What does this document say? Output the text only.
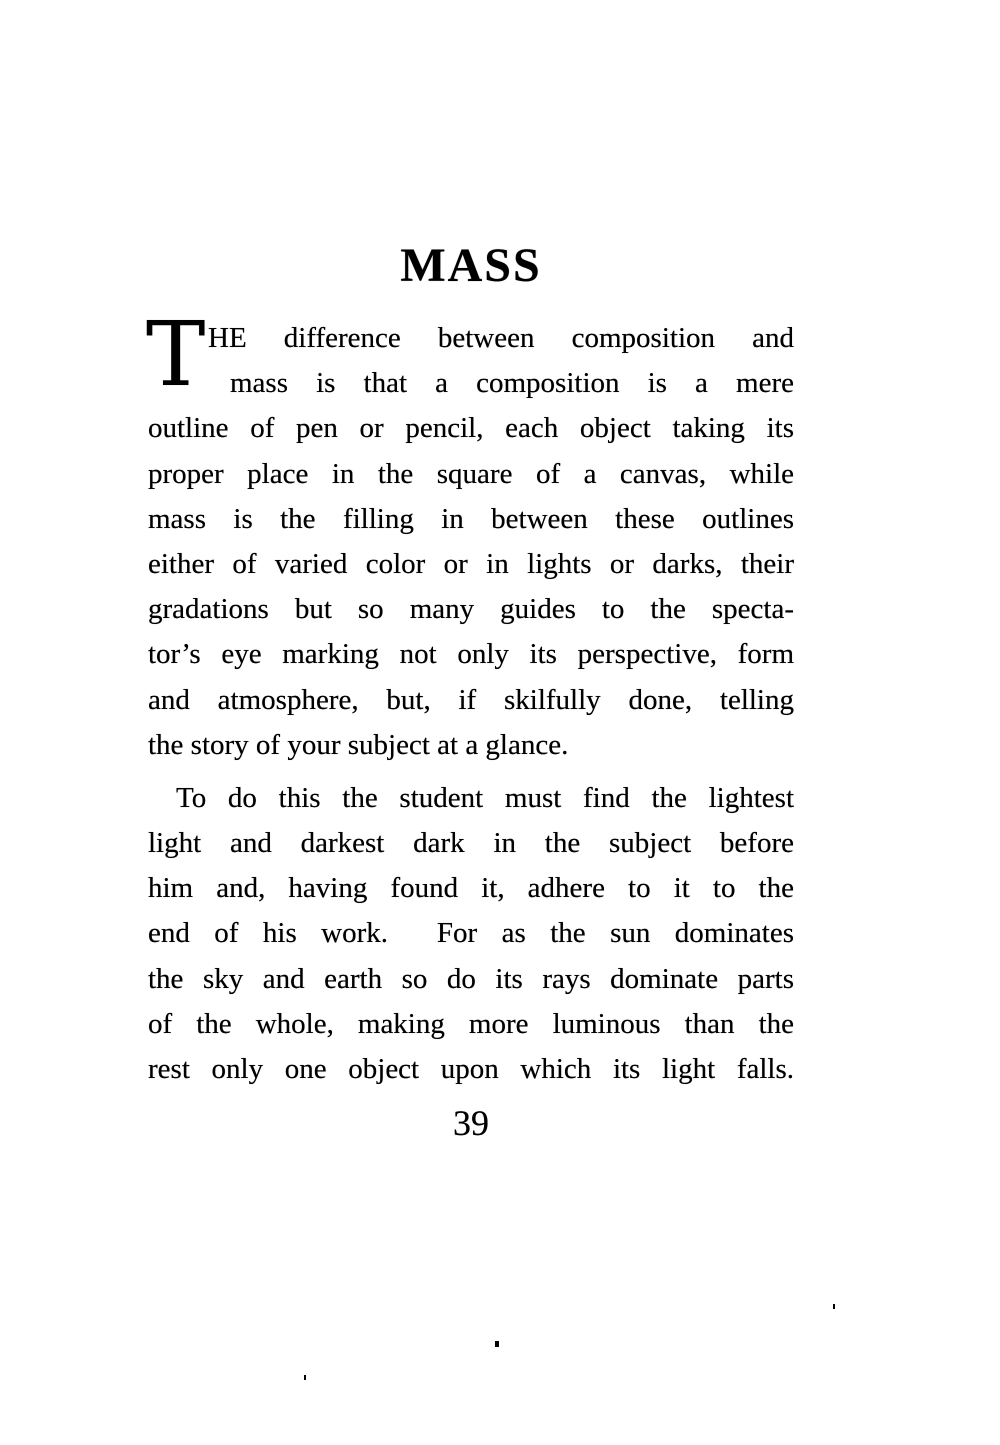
MASS
T HE difference between composition and
mass is that a composition is a mere
outline of pen or pencil, each object taking its
proper place in the square of a canvas, while
mass is the filling in between these outlines
either of varied color or in lights or darks, their
gradations but so many guides to the specta-
tor’s eye marking not only its perspective, form
and atmosphere, but, if skilfully done, telling
the story of your subject at a glance.
To do this the student must find the lightest
light and darkest dark in the subject before
him and, having found it, adhere to it to the
end of his work.  For as the sun dominates
the sky and earth so do its rays dominate parts
of the whole, making more luminous than the
rest only one object upon which its light falls.
39
